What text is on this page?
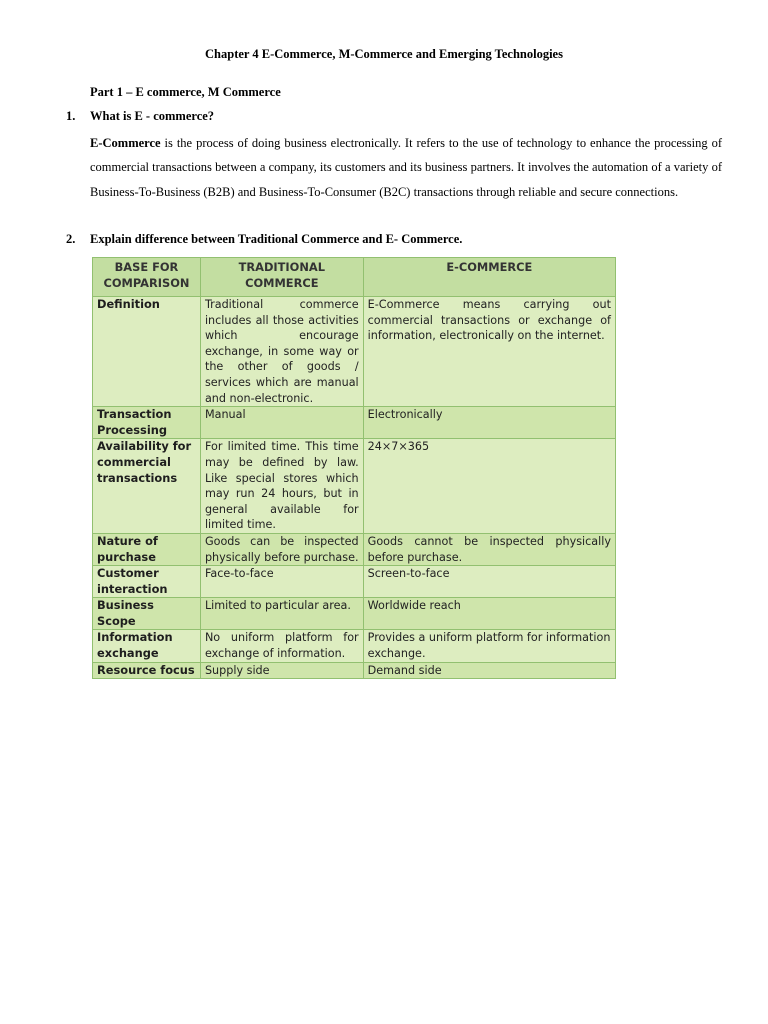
Chapter 4 E-Commerce, M-Commerce and Emerging Technologies
Part 1 – E commerce, M Commerce
1. What is E - commerce?
E-Commerce is the process of doing business electronically. It refers to the use of technology to enhance the processing of commercial transactions between a company, its customers and its business partners. It involves the automation of a variety of Business-To-Business (B2B) and Business-To-Consumer (B2C) transactions through reliable and secure connections.
2. Explain difference between Traditional Commerce and E- Commerce.
BASE FOR COMPARISON	TRADITIONAL COMMERCE	E-COMMERCE
Definition	Traditional commerce includes all those activities which encourage exchange, in some way or the other of goods / services which are manual and non-electronic.	E-Commerce means carrying out commercial transactions or exchange of information, electronically on the internet.
Transaction Processing	Manual	Electronically
Availability for commercial transactions	For limited time. This time may be defined by law. Like special stores which may run 24 hours, but in general available for limited time.	24×7×365
Nature of purchase	Goods can be inspected physically before purchase.	Goods cannot be inspected physically before purchase.
Customer interaction	Face-to-face	Screen-to-face
Business Scope	Limited to particular area.	Worldwide reach
Information exchange	No uniform platform for exchange of information.	Provides a uniform platform for information exchange.
Resource focus	Supply side	Demand side
